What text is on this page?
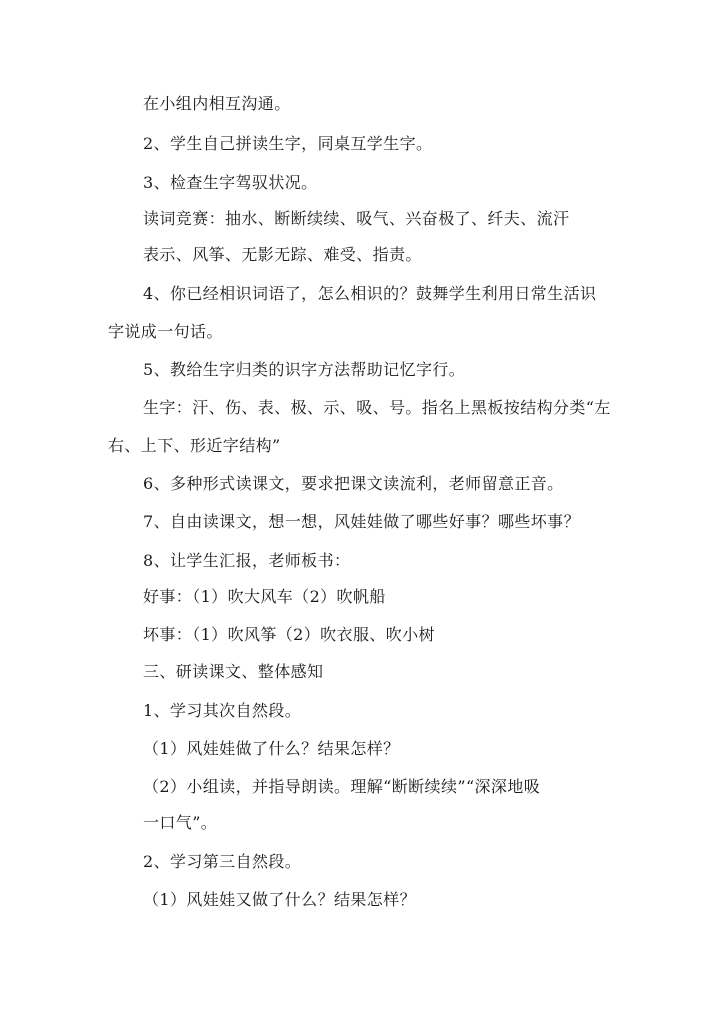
在小组内相互沟通。
2、学生自己拼读生字，同桌互学生字。
3、检查生字驾驭状况。
读词竞赛：抽水、断断续续、吸气、兴奋极了、纤夫、流汗
表示、风筝、无影无踪、难受、指责。
4、你已经相识词语了，怎么相识的？鼓舞学生利用日常生活识
字说成一句话。
5、教给生字归类的识字方法帮助记忆字行。
生字：汗、伤、表、极、示、吸、号。指名上黑板按结构分类“左
右、上下、形近字结构”
6、多种形式读课文，要求把课文读流利，老师留意正音。
7、自由读课文，想一想，风娃娃做了哪些好事？哪些坏事？
8、让学生汇报，老师板书：
好事：（1）吹大风车（2）吹帆船
坏事：（1）吹风筝（2）吹衣服、吹小树
三、研读课文、整体感知
1、学习其次自然段。
（1）风娃娃做了什么？结果怎样？
（2）小组读，并指导朗读。理解“断断续续”“深深地吸
一口气”。
2、学习第三自然段。
（1）风娃娃又做了什么？结果怎样？
